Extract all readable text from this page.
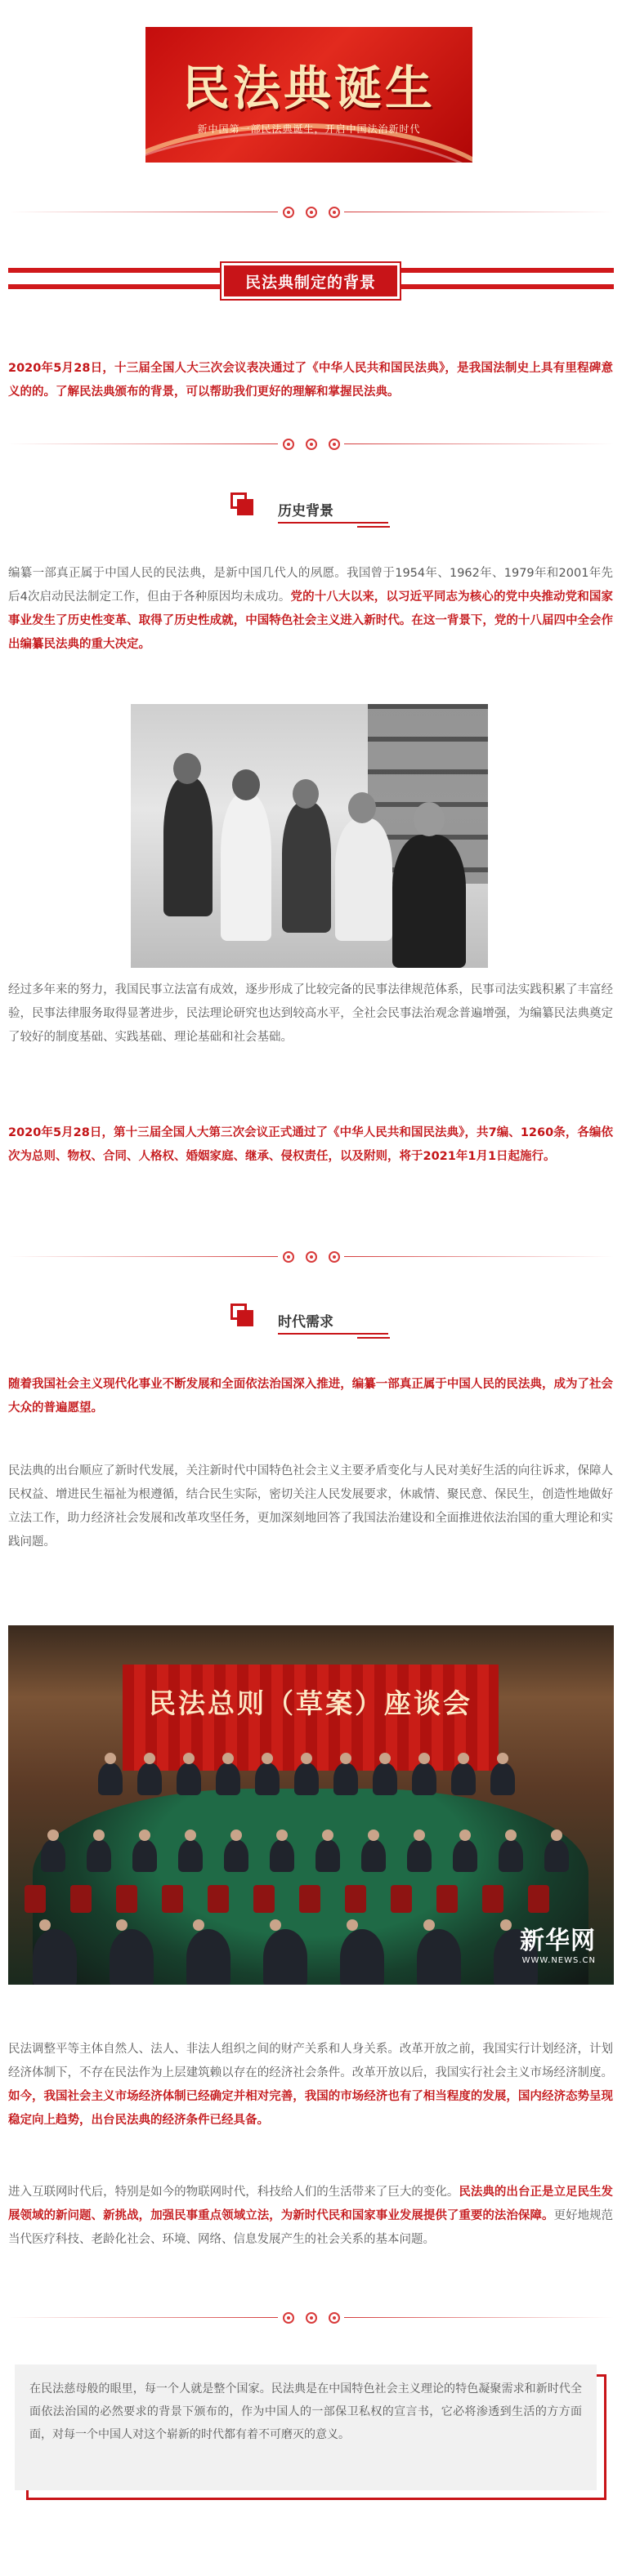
民法典诞生
新中国第一部民法典诞生，开启中国法治新时代
民法典制定的背景
2020年5月28日，十三届全国人大三次会议表决通过了《中华人民共和国民法典》，是我国法制史上具有里程碑意义的的。了解民法典颁布的背景，可以帮助我们更好的理解和掌握民法典。
历史背景
编纂一部真正属于中国人民的民法典，是新中国几代人的夙愿。我国曾于1954年、1962年、1979年和2001年先后4次启动民法制定工作，但由于各种原因均未成功。党的十八大以来，以习近平同志为核心的党中央推动党和国家事业发生了历史性变革、取得了历史性成就，中国特色社会主义进入新时代。在这一背景下，党的十八届四中全会作出编纂民法典的重大决定。
经过多年来的努力，我国民事立法富有成效，逐步形成了比较完备的民事法律规范体系，民事司法实践积累了丰富经验，民事法律服务取得显著进步，民法理论研究也达到较高水平，全社会民事法治观念普遍增强，为编纂民法典奠定了较好的制度基础、实践基础、理论基础和社会基础。
2020年5月28日，第十三届全国人大第三次会议正式通过了《中华人民共和国民法典》，共7编、1260条，各编依次为总则、物权、合同、人格权、婚姻家庭、继承、侵权责任，以及附则，将于2021年1月1日起施行。
时代需求
随着我国社会主义现代化事业不断发展和全面依法治国深入推进，编纂一部真正属于中国人民的民法典，成为了社会大众的普遍愿望。
民法典的出台顺应了新时代发展，关注新时代中国特色社会主义主要矛盾变化与人民对美好生活的向往诉求，保障人民权益、增进民生福祉为根遵循，结合民生实际，密切关注人民发展要求，休戚情、聚民意、保民生，创造性地做好立法工作，助力经济社会发展和改革攻坚任务，更加深刻地回答了我国法治建设和全面推进依法治国的重大理论和实践问题。
民法总则（草案）座谈会
新华网
WWW.NEWS.CN
民法调整平等主体自然人、法人、非法人组织之间的财产关系和人身关系。改革开放之前，我国实行计划经济，计划经济体制下，不存在民法作为上层建筑赖以存在的经济社会条件。改革开放以后，我国实行社会主义市场经济制度。如今，我国社会主义市场经济体制已经确定并相对完善，我国的市场经济也有了相当程度的发展，国内经济态势呈现稳定向上趋势，出台民法典的经济条件已经具备。
进入互联网时代后，特别是如今的物联网时代，科技给人们的生活带来了巨大的变化。民法典的出台正是立足民生发展领域的新问题、新挑战，加强民事重点领域立法，为新时代民和国家事业发展提供了重要的法治保障。更好地规范当代医疗科技、老龄化社会、环境、网络、信息发展产生的社会关系的基本问题。

在民法慈母般的眼里，每一个人就是整个国家。民法典是在中国特色社会主义理论的特色凝聚需求和新时代全面依法治国的必然要求的背景下颁布的，作为中国人的一部保卫私权的宣言书，它必将渗透到生活的方方面面，对每一个中国人对这个崭新的时代都有着不可磨灭的意义。
